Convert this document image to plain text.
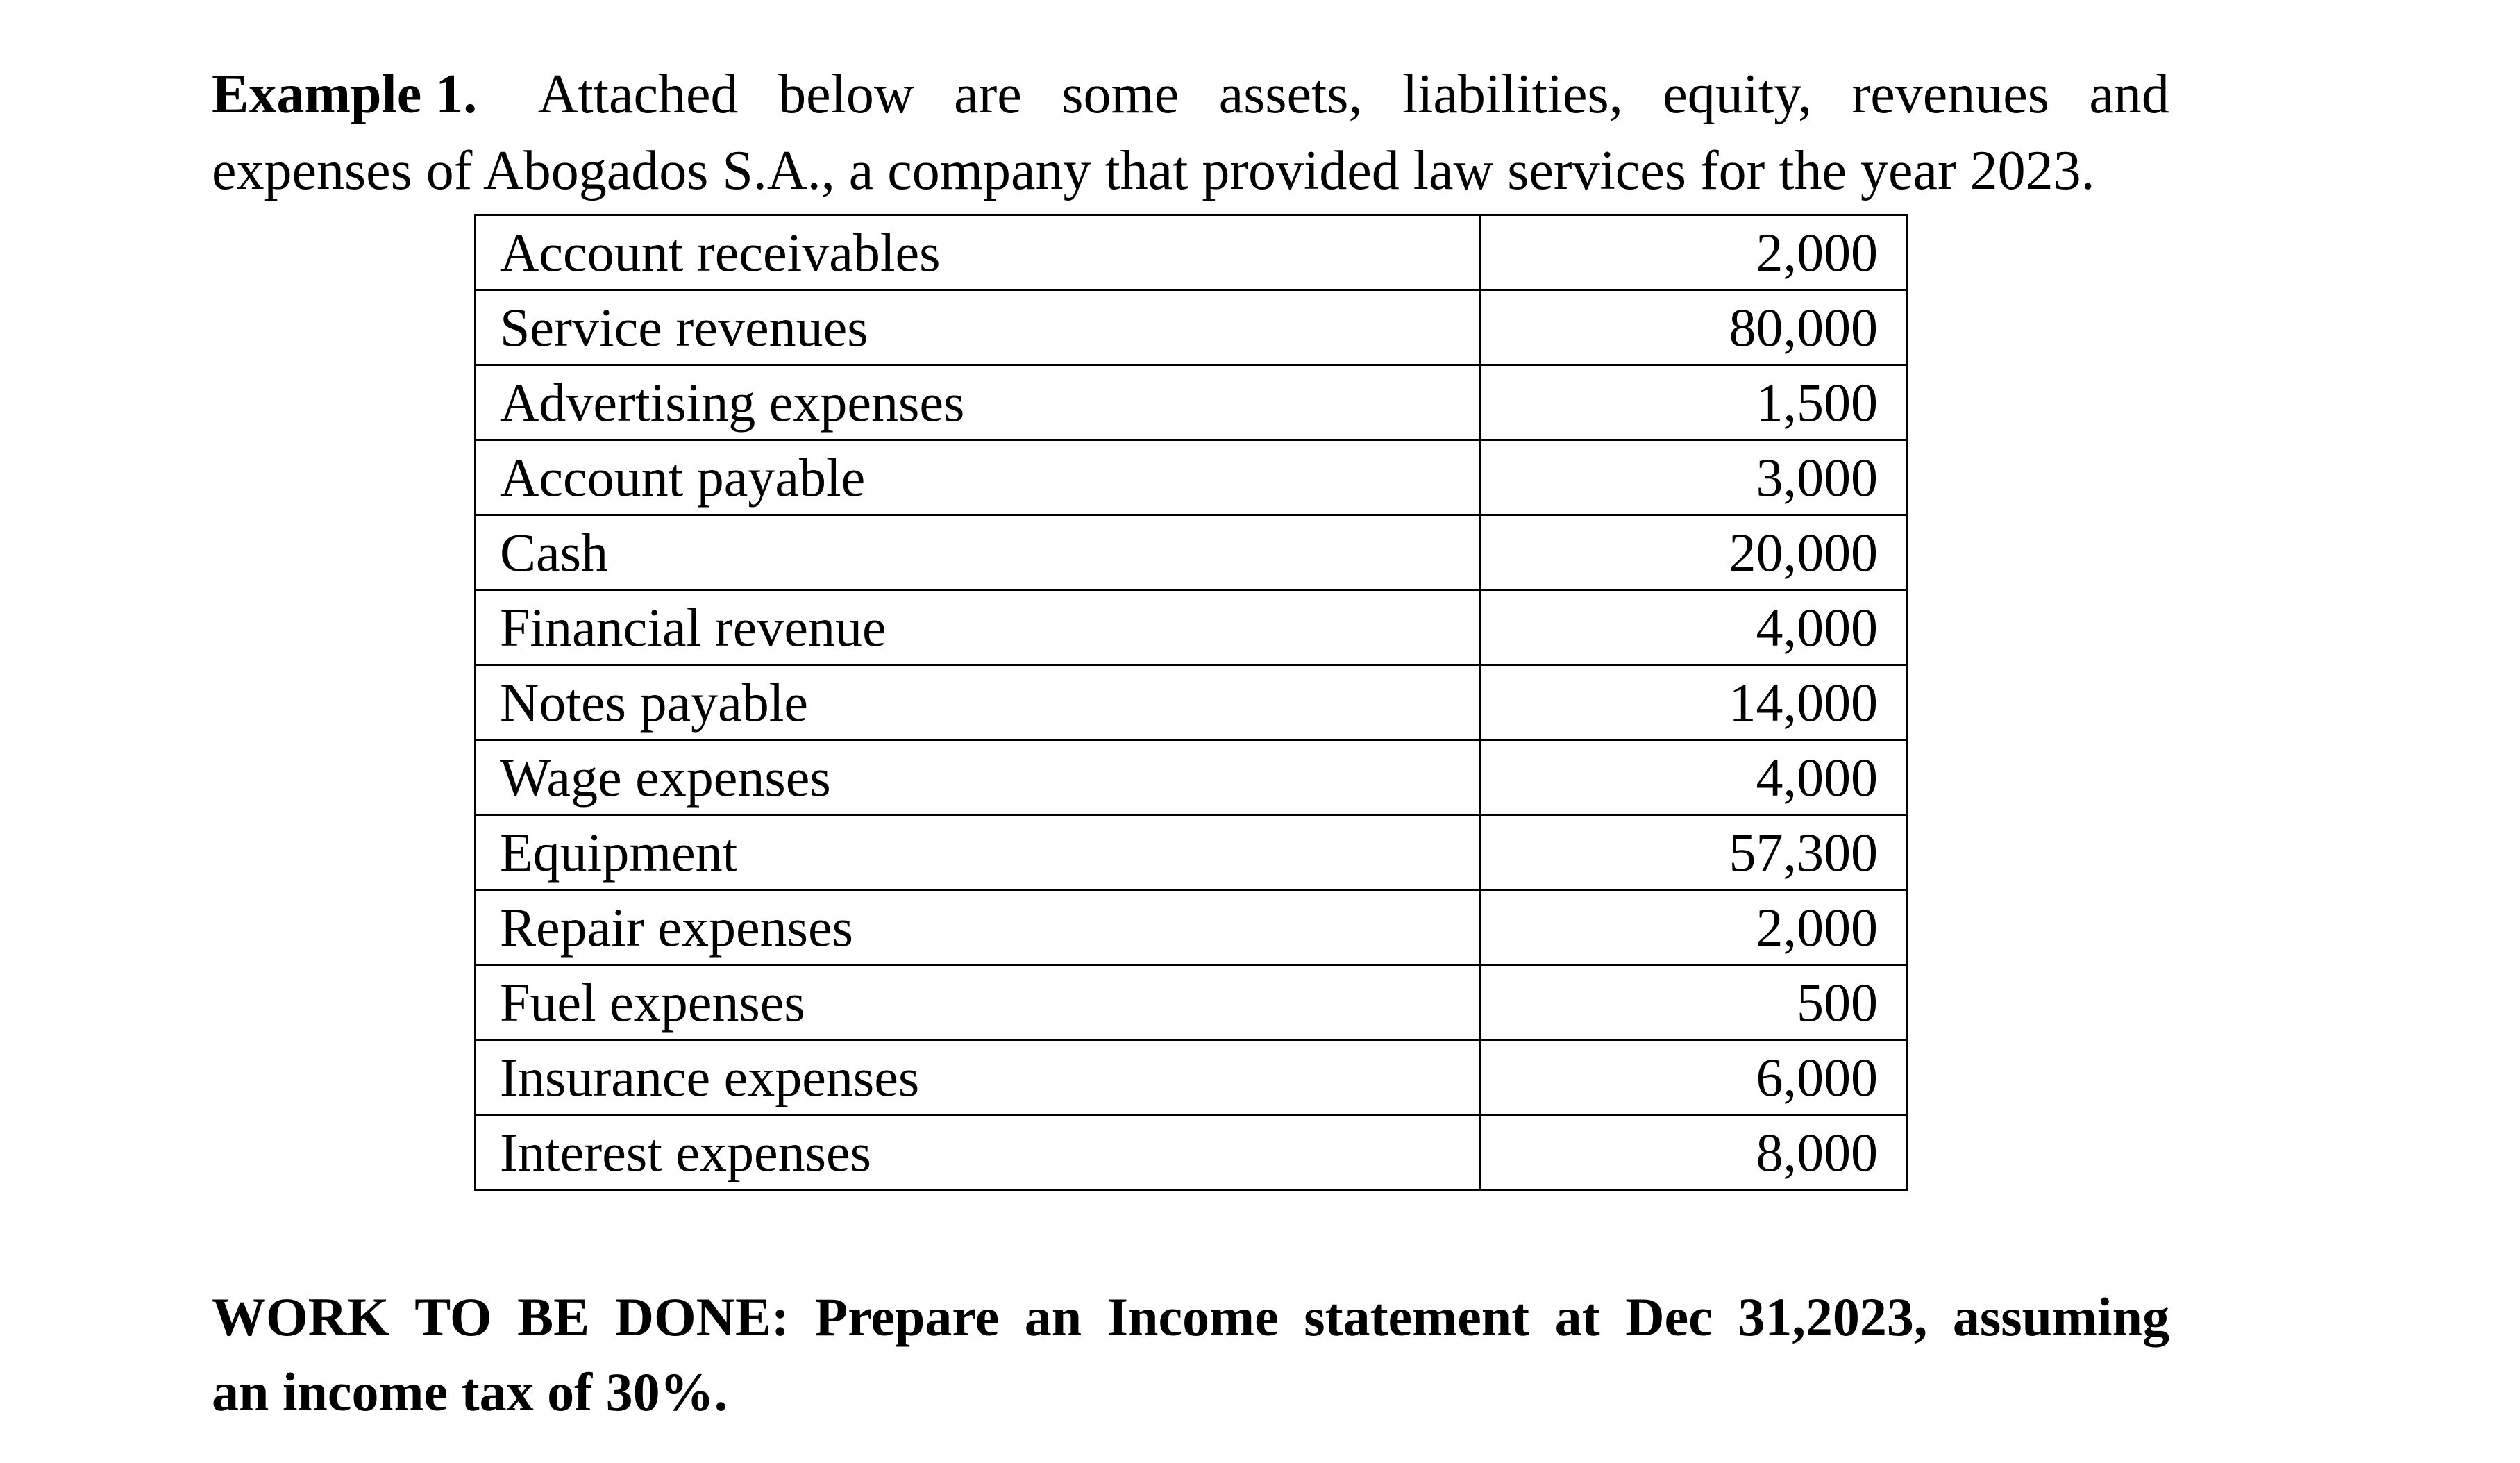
Example 1. Attached below are some assets, liabilities, equity, revenues and
expenses of Abogados S.A., a company that provided law services for the year 2023.
Account receivables	2,000
Service revenues	80,000
Advertising expenses	1,500
Account payable	3,000
Cash	20,000
Financial revenue	4,000
Notes payable	14,000
Wage expenses	4,000
Equipment	57,300
Repair expenses	2,000
Fuel expenses	500
Insurance expenses	6,000
Interest expenses	8,000
WORK TO BE DONE: Prepare an Income statement at Dec 31,2023, assuming
an income tax of 30%.
